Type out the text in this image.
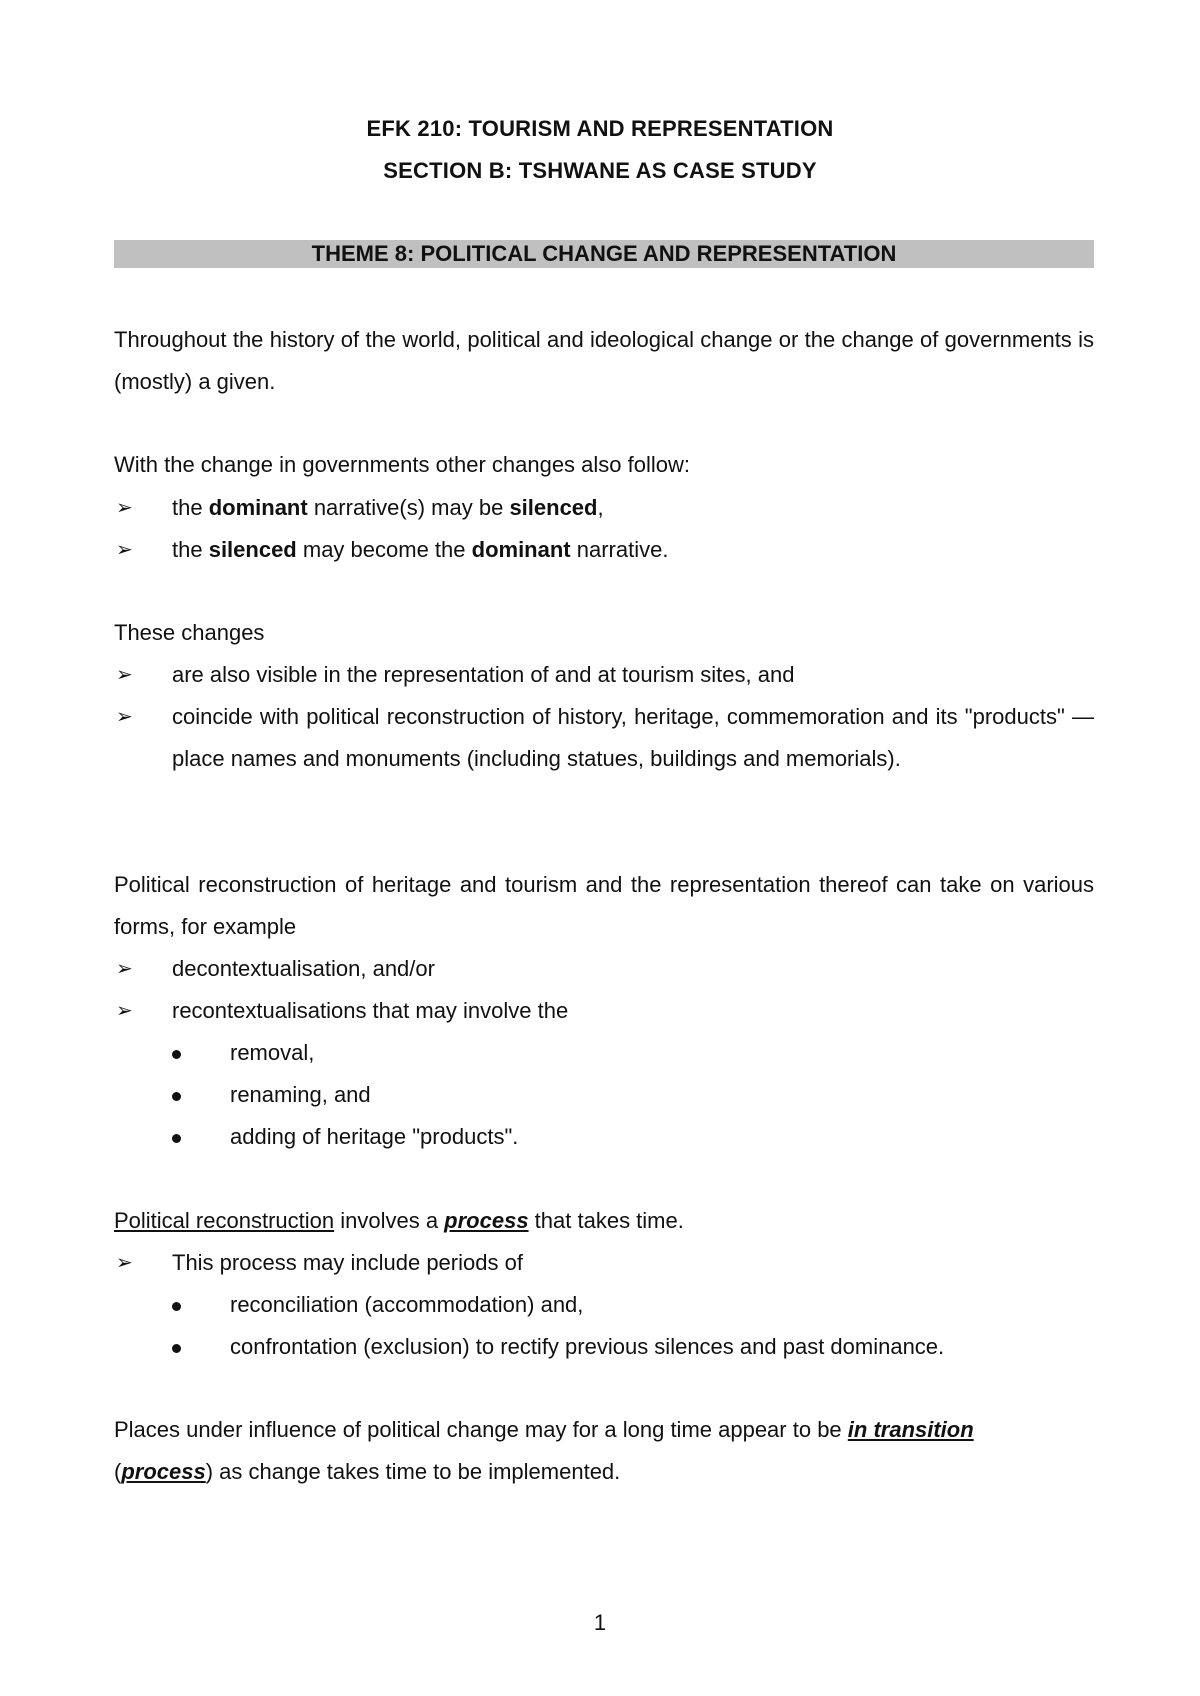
EFK 210: TOURISM AND REPRESENTATION
SECTION B: TSHWANE AS CASE STUDY
THEME 8: POLITICAL CHANGE AND REPRESENTATION
Throughout the history of the world, political and ideological change or the change of governments is (mostly) a given.
With the change in governments other changes also follow:
➢ the dominant narrative(s) may be silenced,
➢ the silenced may become the dominant narrative.
These changes
➢ are also visible in the representation of and at tourism sites, and
➢ coincide with political reconstruction of history, heritage, commemoration and its "products" — place names and monuments (including statues, buildings and memorials).
Political reconstruction of heritage and tourism and the representation thereof can take on various forms, for example
➢ decontextualisation, and/or
➢ recontextualisations that may involve the
removal,
renaming, and
adding of heritage "products".
Political reconstruction involves a process that takes time.
➢ This process may include periods of
reconciliation (accommodation) and,
confrontation (exclusion) to rectify previous silences and past dominance.
Places under influence of political change may for a long time appear to be in transition
(process) as change takes time to be implemented.
1
